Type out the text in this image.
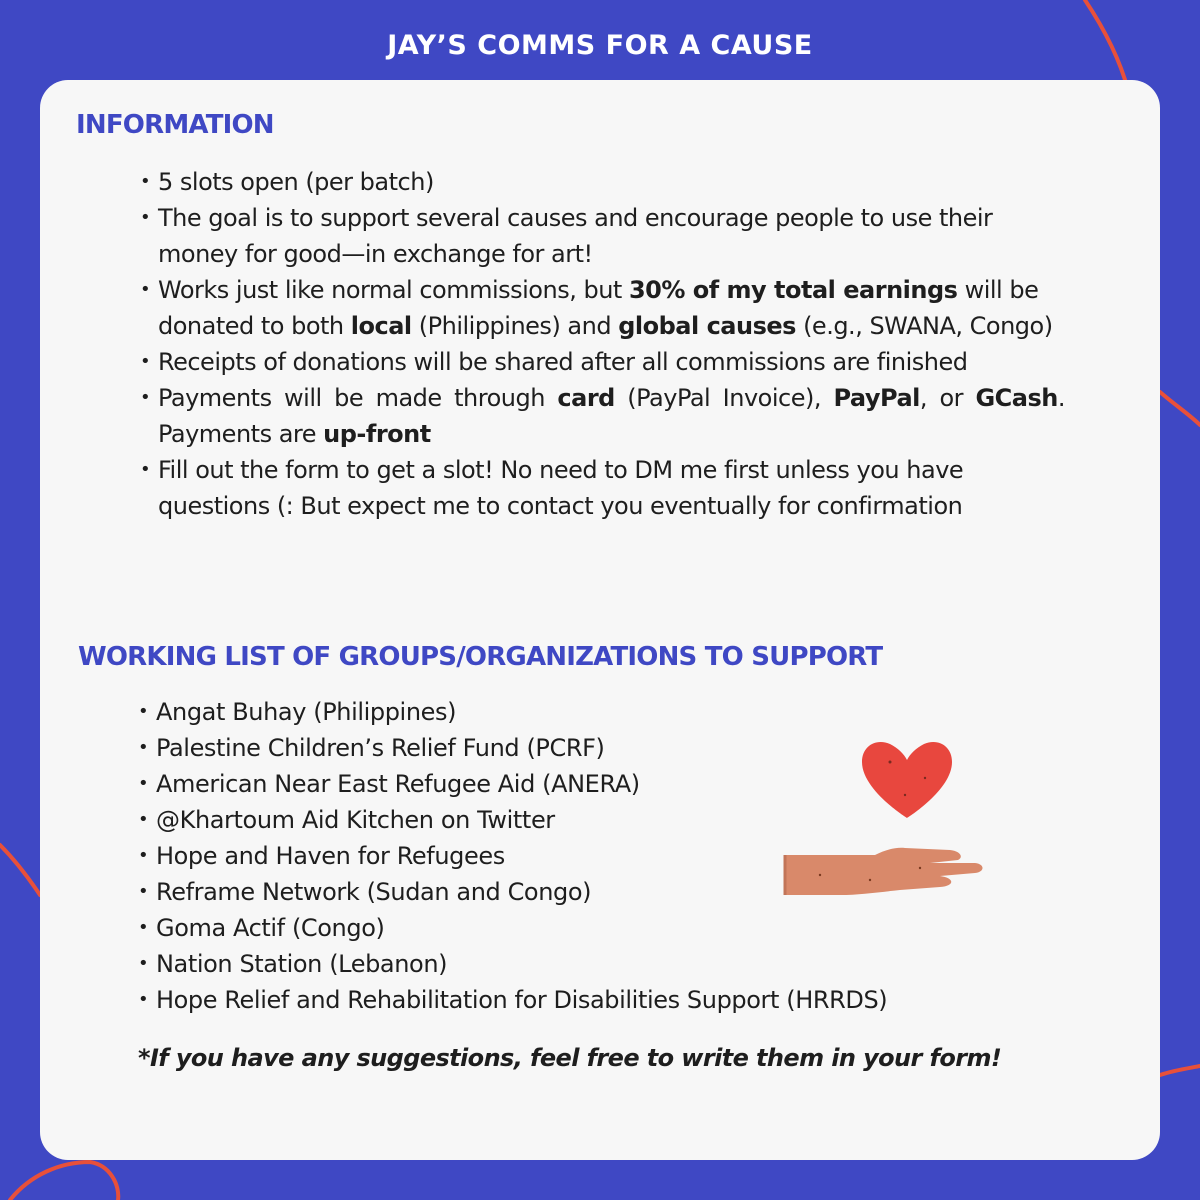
JAY’S COMMS FOR A CAUSE
INFORMATION
• 5 slots open (per batch)
• The goal is to support several causes and encourage people to use their money for good—in exchange for art!
• Works just like normal commissions, but 30% of my total earnings will be donated to both local (Philippines) and global causes (e.g., SWANA, Congo)
• Receipts of donations will be shared after all commissions are finished
• Payments will be made through card (PayPal Invoice), PayPal, or GCash. Payments are up-front
• Fill out the form to get a slot! No need to DM me first unless you have questions (: But expect me to contact you eventually for confirmation
WORKING LIST OF GROUPS/ORGANIZATIONS TO SUPPORT
• Angat Buhay (Philippines)
• Palestine Children’s Relief Fund (PCRF)
• American Near East Refugee Aid (ANERA)
• @Khartoum Aid Kitchen on Twitter
• Hope and Haven for Refugees
• Reframe Network (Sudan and Congo)
• Goma Actif (Congo)
• Nation Station (Lebanon)
• Hope Relief and Rehabilitation for Disabilities Support (HRRDS)

*If you have any suggestions, feel free to write them in your form!
